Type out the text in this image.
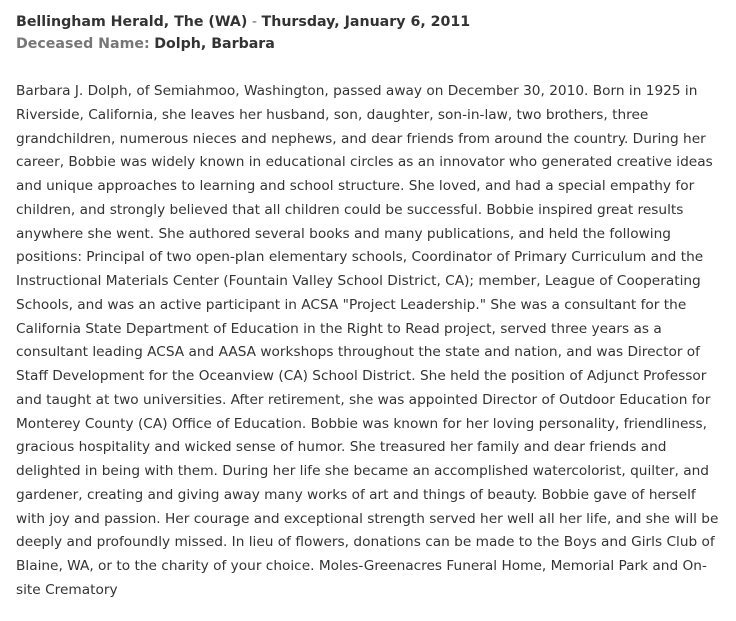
Bellingham Herald, The (WA) - Thursday, January 6, 2011
Deceased Name: Dolph, Barbara

Barbara J. Dolph, of Semiahmoo, Washington, passed away on December 30, 2010. Born in 1925 in Riverside, California, she leaves her husband, son, daughter, son-in-law, two brothers, three grandchildren, numerous nieces and nephews, and dear friends from around the country. During her career, Bobbie was widely known in educational circles as an innovator who generated creative ideas and unique approaches to learning and school structure. She loved, and had a special empathy for children, and strongly believed that all children could be successful. Bobbie inspired great results anywhere she went. She authored several books and many publications, and held the following positions: Principal of two open-plan elementary schools, Coordinator of Primary Curriculum and the Instructional Materials Center (Fountain Valley School District, CA); member, League of Cooperating Schools, and was an active participant in ACSA "Project Leadership." She was a consultant for the California State Department of Education in the Right to Read project, served three years as a consultant leading ACSA and AASA workshops throughout the state and nation, and was Director of Staff Development for the Oceanview (CA) School District. She held the position of Adjunct Professor and taught at two universities. After retirement, she was appointed Director of Outdoor Education for Monterey County (CA) Office of Education. Bobbie was known for her loving personality, friendliness, gracious hospitality and wicked sense of humor. She treasured her family and dear friends and delighted in being with them. During her life she became an accomplished watercolorist, quilter, and gardener, creating and giving away many works of art and things of beauty. Bobbie gave of herself with joy and passion. Her courage and exceptional strength served her well all her life, and she will be deeply and profoundly missed. In lieu of flowers, donations can be made to the Boys and Girls Club of Blaine, WA, or to the charity of your choice. Moles-Greenacres Funeral Home, Memorial Park and On-site Crematory
